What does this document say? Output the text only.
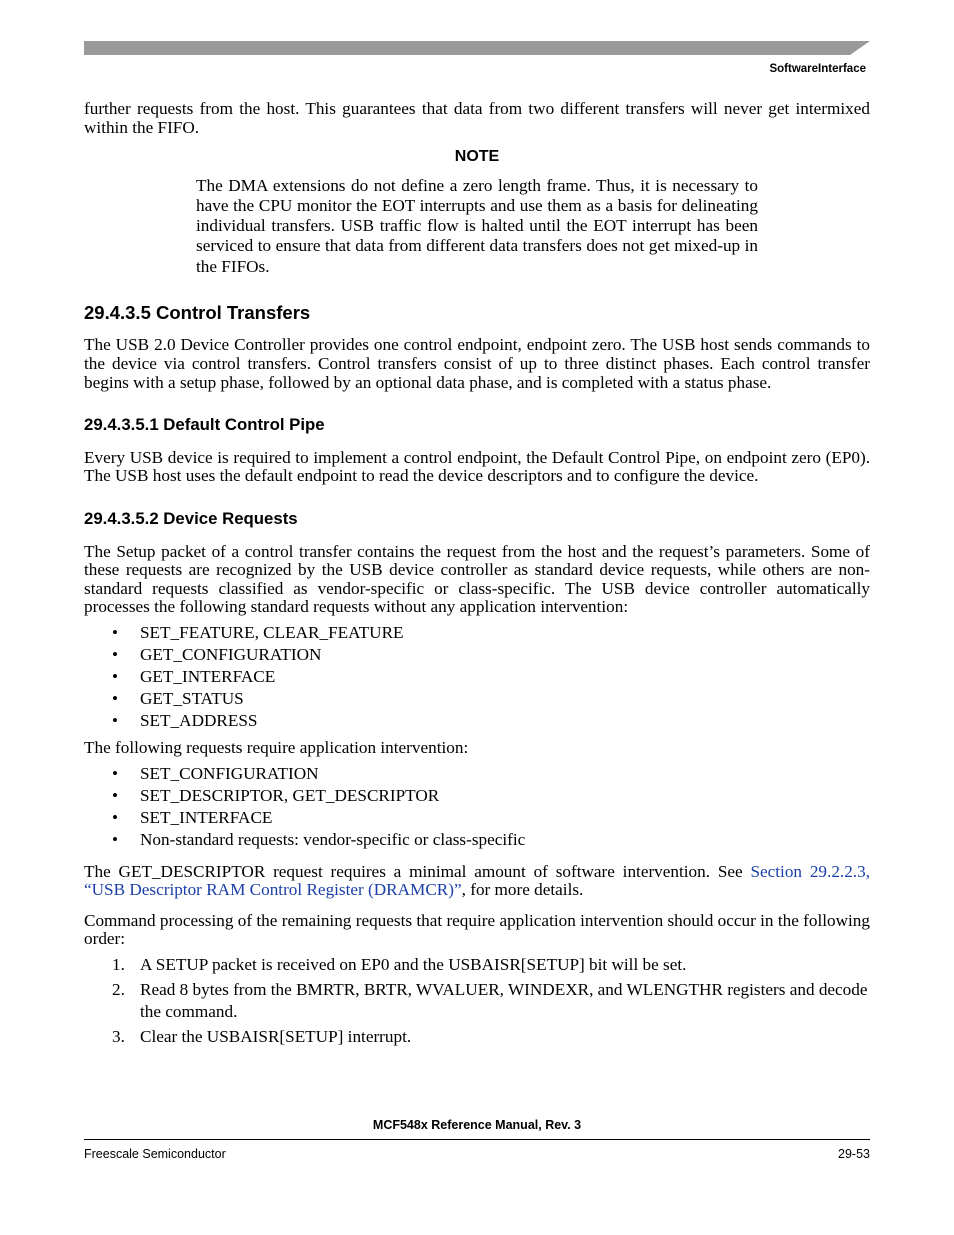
SoftwareInterface

further requests from the host. This guarantees that data from two different transfers will never get intermixed within the FIFO.

NOTE

The DMA extensions do not define a zero length frame. Thus, it is necessary to have the CPU monitor the EOT interrupts and use them as a basis for delineating individual transfers. USB traffic flow is halted until the EOT interrupt has been serviced to ensure that data from different data transfers does not get mixed-up in the FIFOs.

29.4.3.5 Control Transfers

The USB 2.0 Device Controller provides one control endpoint, endpoint zero. The USB host sends commands to the device via control transfers. Control transfers consist of up to three distinct phases. Each control transfer begins with a setup phase, followed by an optional data phase, and is completed with a status phase.

29.4.3.5.1 Default Control Pipe

Every USB device is required to implement a control endpoint, the Default Control Pipe, on endpoint zero (EP0). The USB host uses the default endpoint to read the device descriptors and to configure the device.

29.4.3.5.2 Device Requests

The Setup packet of a control transfer contains the request from the host and the request’s parameters. Some of these requests are recognized by the USB device controller as standard device requests, while others are non-standard requests classified as vendor-specific or class-specific. The USB device controller automatically processes the following standard requests without any application intervention:

• SET_FEATURE, CLEAR_FEATURE
• GET_CONFIGURATION
• GET_INTERFACE
• GET_STATUS
• SET_ADDRESS

The following requests require application intervention:

• SET_CONFIGURATION
• SET_DESCRIPTOR, GET_DESCRIPTOR
• SET_INTERFACE
• Non-standard requests: vendor-specific or class-specific

The GET_DESCRIPTOR request requires a minimal amount of software intervention. See Section 29.2.2.3, “USB Descriptor RAM Control Register (DRAMCR)”, for more details.

Command processing of the remaining requests that require application intervention should occur in the following order:

1. A SETUP packet is received on EP0 and the USBAISR[SETUP] bit will be set.
2. Read 8 bytes from the BMRTR, BRTR, WVALUER, WINDEXR, and WLENGTHR registers and decode the command.
3. Clear the USBAISR[SETUP] interrupt.
MCF548x Reference Manual, Rev. 3
Freescale Semiconductor	29-53
